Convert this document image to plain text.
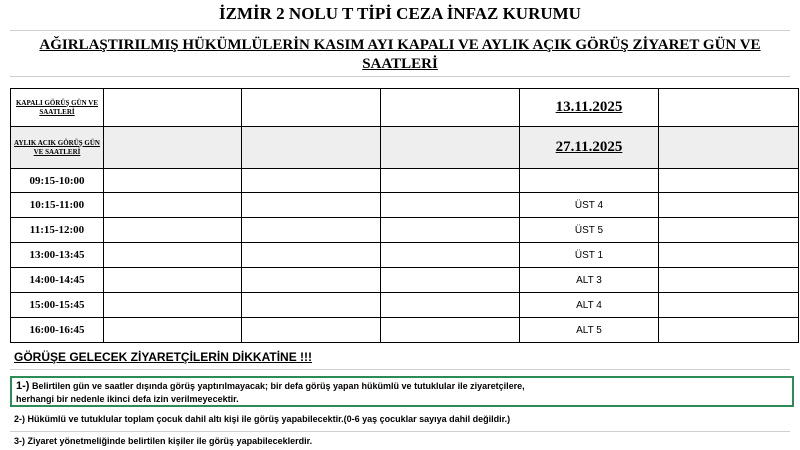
İZMİR 2 NOLU T TİPİ CEZA İNFAZ KURUMU
AĞIRLAŞTIRILMIŞ HÜKÜMLÜLERİN KASIM AYI KAPALI VE AYLIK AÇIK GÖRÜŞ ZİYARET GÜN VE
SAATLERİ
KAPALI GÖRÜŞ GÜN VE SAATLERİ				13.11.2025	
AYLIK ACIK GÖRÜŞ GÜN VE SAATLERİ				27.11.2025	
09:15-10:00					
10:15-11:00				ÜST 4	
11:15-12:00				ÜST 5	
13:00-13:45				ÜST 1	
14:00-14:45				ALT 3	
15:00-15:45				ALT 4	
16:00-16:45				ALT 5	
GÖRÜŞE GELECEK ZİYARETÇİLERİN DİKKATİNE !!!
1-) Belirtilen gün ve saatler dışında görüş yaptırılmayacak; bir defa görüş yapan hükümlü ve tutuklular ile ziyaretçilere,
herhangi bir nedenle ikinci defa izin verilmeyecektir.
2-) Hükümlü ve tutuklular toplam çocuk dahil altı kişi ile görüş yapabilecektir.(0-6 yaş çocuklar sayıya dahil değildir.)
3-) Ziyaret yönetmeliğinde belirtilen kişiler ile görüş yapabileceklerdir.
